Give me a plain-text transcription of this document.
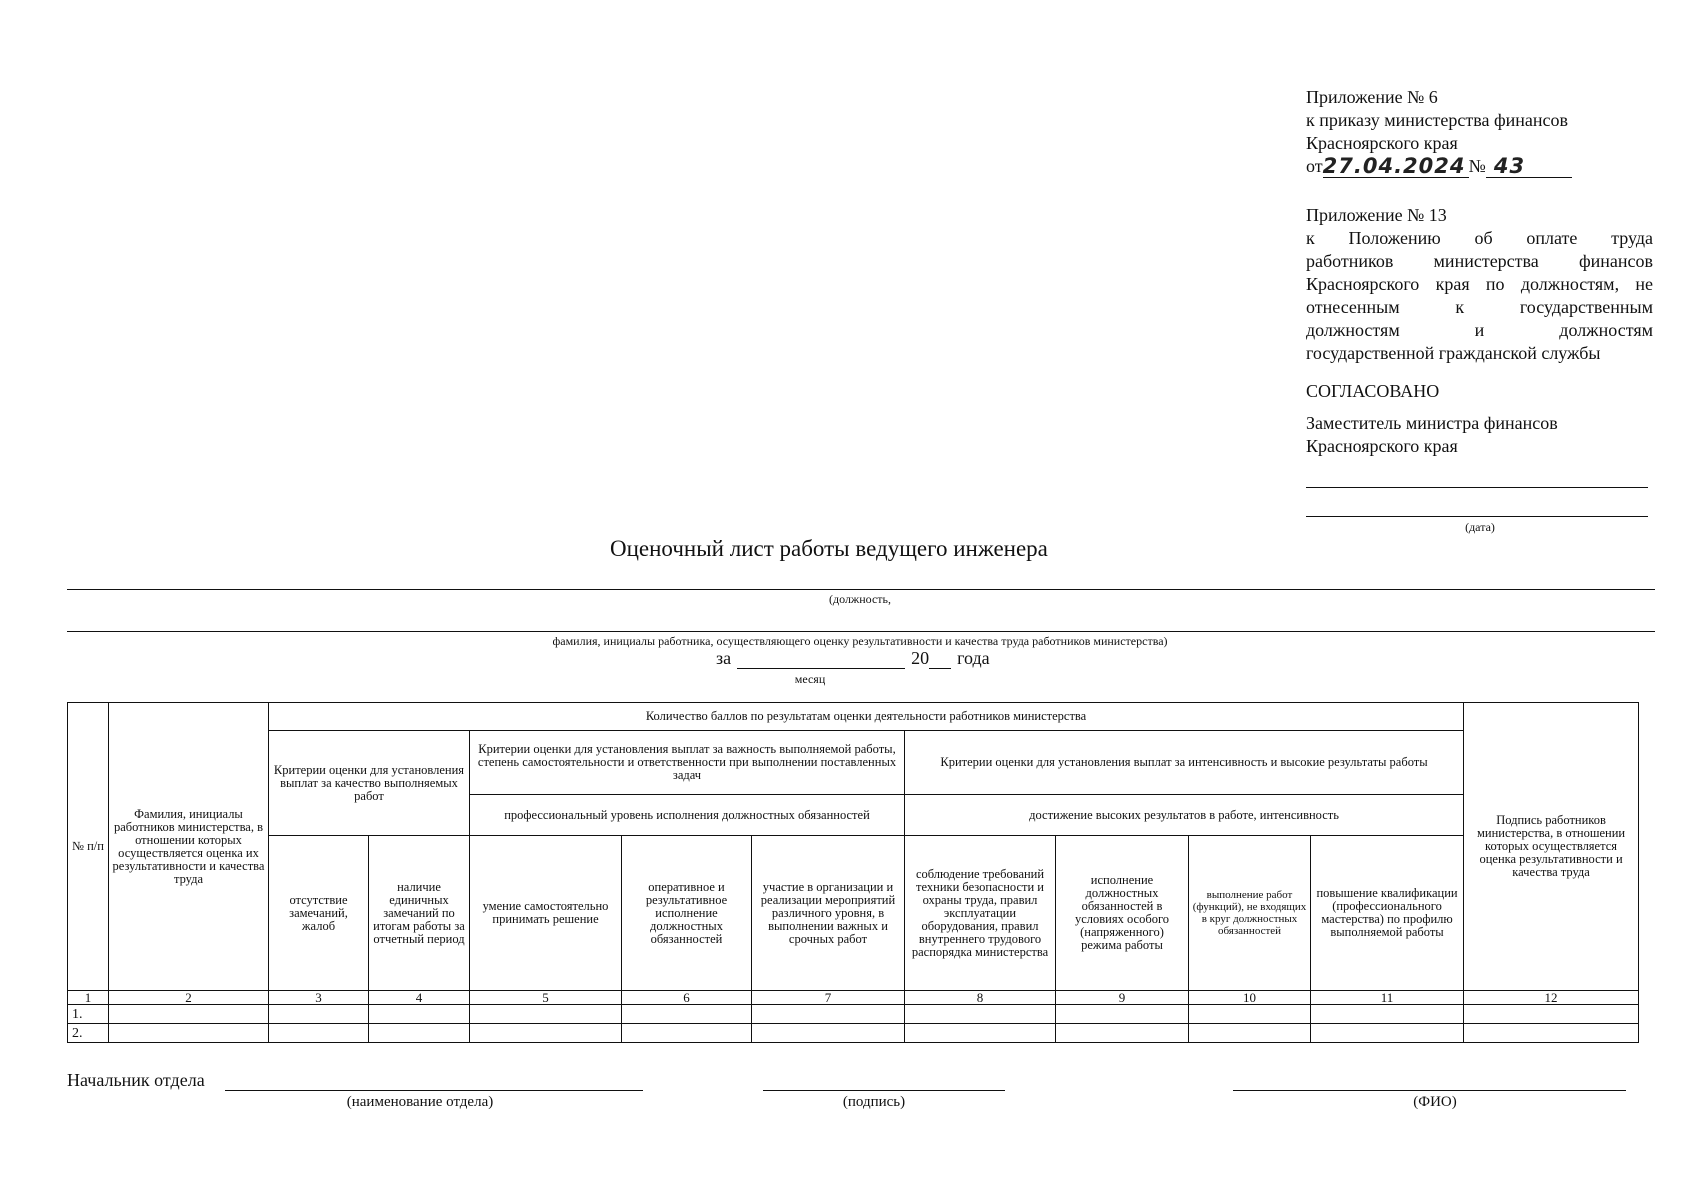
Приложение № 6
к приказу министерства финансов
Красноярского края
от 27.04.2024 № 43
Приложение № 13
к Положению об оплате труда
работников министерства финансов
Красноярского края по должностям, не
отнесенным к государственным
должностям и должностям
государственной гражданской службы
СОГЛАСОВАНО
Заместитель министра финансов
Красноярского края
(дата)
Оценочный лист работы ведущего инженера
(должность,
фамилия, инициалы работника, осуществляющего оценку результативности и качества труда работников министерства)
за	20 года
месяц
№ п/п	Фамилия, инициалы работников министерства, в отношении которых осуществляется оценка их результативности и качества труда	Количество баллов по результатам оценки деятельности работников министерства									Подпись работников министерства, в отношении которых осуществляется оценка результативности и качества труда
		Критерии оценки для установления выплат за качество выполняемых работ		Критерии оценки для установления выплат за важность выполняемой работы, степень самостоятельности и ответственности при выполнении поставленных задач			Критерии оценки для установления выплат за интенсивность и высокие результаты работы				
				профессиональный уровень исполнения должностных обязанностей			достижение высоких результатов в работе, интенсивность				
		отсутствие замечаний, жалоб	наличие единичных замечаний по итогам работы за отчетный период	умение самостоятельно принимать решение	оперативное и результативное исполнение должностных обязанностей	участие в организации и реализации мероприятий различного уровня, в выполнении важных и срочных работ	соблюдение требований техники безопасности и охраны труда, правил эксплуатации оборудования, правил внутреннего трудового распорядка министерства	исполнение должностных обязанностей в условиях особого (напряженного) режима работы	выполнение работ (функций), не входящих в круг должностных обязанностей	повышение квалификации (профессионального мастерства) по профилю выполняемой работы	
1	2	3	4	5	6	7	8	9	10	11	12
1.											
2.											
Начальник отдела
(наименование отдела)	(подпись)	(ФИО)
